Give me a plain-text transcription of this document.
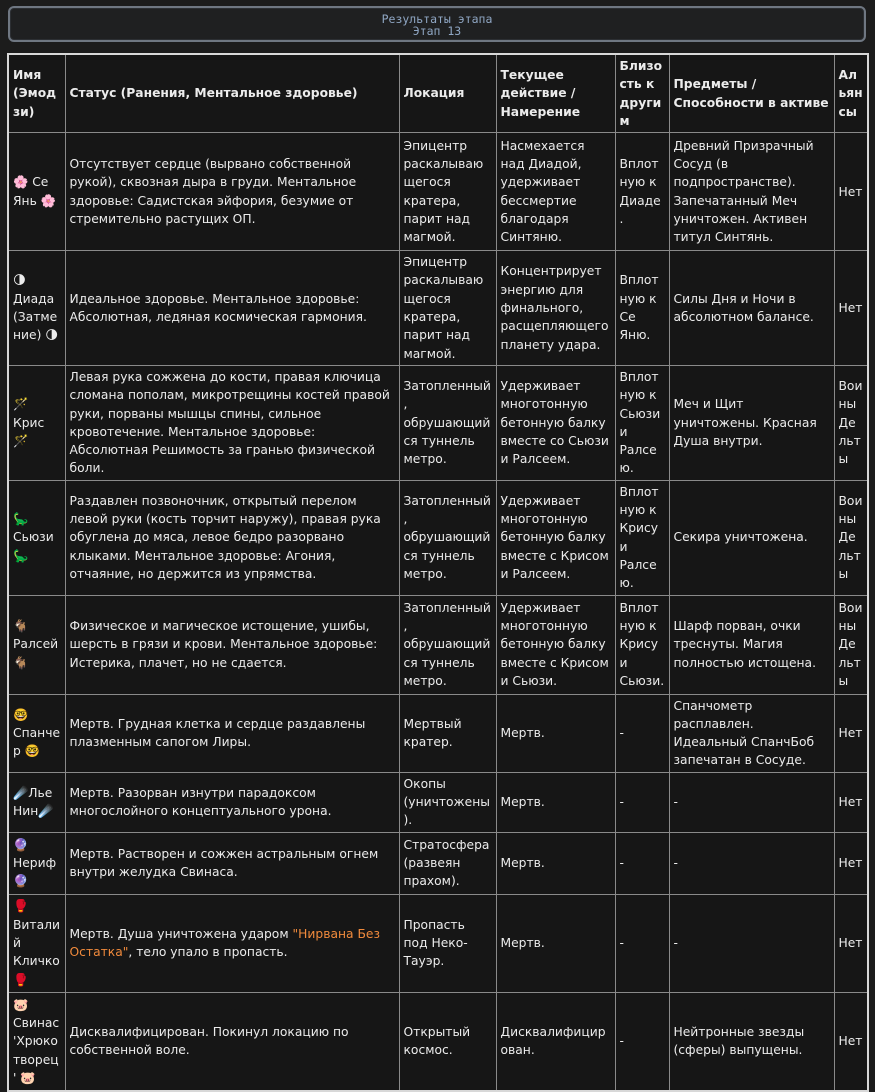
Результаты этапа
Этап 13
Имя (Эмодзи)	Статус (Ранения, Ментальное здоровье)	Локация	Текущее действие / Намерение	Близость к другим	Предметы / Способности в активе	Альянсы
🌸 Се Янь 🌸	Отсутствует сердце (вырвано собственной рукой), сквозная дыра в груди. Ментальное здоровье: Садистская эйфория, безумие от стремительно растущих ОП.	Эпицентр раскалывающегося кратера, парит над магмой.	Насмехается над Диадой, удерживает бессмертие благодаря Синтяню.	Вплотную к Диаде.	Древний Призрачный Сосуд (в подпространстве). Запечатанный Меч уничтожен. Активен титул Синтянь.	Нет
🌗 Диада (Затмение) 🌗	Идеальное здоровье. Ментальное здоровье: Абсолютная, ледяная космическая гармония.	Эпицентр раскалывающегося кратера, парит над магмой.	Концентрирует энергию для финального, расщепляющего планету удара.	Вплотную к Се Яню.	Силы Дня и Ночи в абсолютном балансе.	Нет
🪄 Крис 🪄	Левая рука сожжена до кости, правая ключица сломана пополам, микротрещины костей правой руки, порваны мышцы спины, сильное кровотечение. Ментальное здоровье: Абсолютная Решимость за гранью физической боли.	Затопленный, обрушающийся туннель метро.	Удерживает многотонную бетонную балку вместе со Сьюзи и Ралсеем.	Вплотную к Сьюзи и Ралсею.	Меч и Щит уничтожены. Красная Душа внутри.	Воины Дельты
🦕 Сьюзи 🦕	Раздавлен позвоночник, открытый перелом левой руки (кость торчит наружу), правая рука обуглена до мяса, левое бедро разорвано клыками. Ментальное здоровье: Агония, отчаяние, но держится из упрямства.	Затопленный, обрушающийся туннель метро.	Удерживает многотонную бетонную балку вместе с Крисом и Ралсеем.	Вплотную к Крису и Ралсею.	Секира уничтожена.	Воины Дельты
🐐 Ралсей 🐐	Физическое и магическое истощение, ушибы, шерсть в грязи и крови. Ментальное здоровье: Истерика, плачет, но не сдается.	Затопленный, обрушающийся туннель метро.	Удерживает многотонную бетонную балку вместе с Крисом и Сьюзи.	Вплотную к Крису и Сьюзи.	Шарф порван, очки треснуты. Магия полностью истощена.	Воины Дельты
🤓 Спанчер 🤓	Мертв. Грудная клетка и сердце раздавлены плазменным сапогом Лиры.	Мертвый кратер.	Мертв.	-	Спанчометр расплавлен. Идеальный СпанчБоб запечатан в Сосуде.	Нет
☄️Лье Нин☄️	Мертв. Разорван изнутри парадоксом многослойного концептуального урона.	Окопы (уничтожены).	Мертв.	-	-	Нет
🔮 Нериф 🔮	Мертв. Растворен и сожжен астральным огнем внутри желудка Свинаса.	Стратосфера (развеян прахом).	Мертв.	-	-	Нет
🥊 Виталий Кличко 🥊	Мертв. Душа уничтожена ударом "Нирвана Без Остатка", тело упало в пропасть.	Пропасть под Неко-Тауэр.	Мертв.	-	-	Нет
🐷 Свинас 'Хрюкотворец' 🐷	Дисквалифицирован. Покинул локацию по собственной воле.	Открытый космос.	Дисквалифицирован.	-	Нейтронные звезды (сферы) выпущены.	Нет
